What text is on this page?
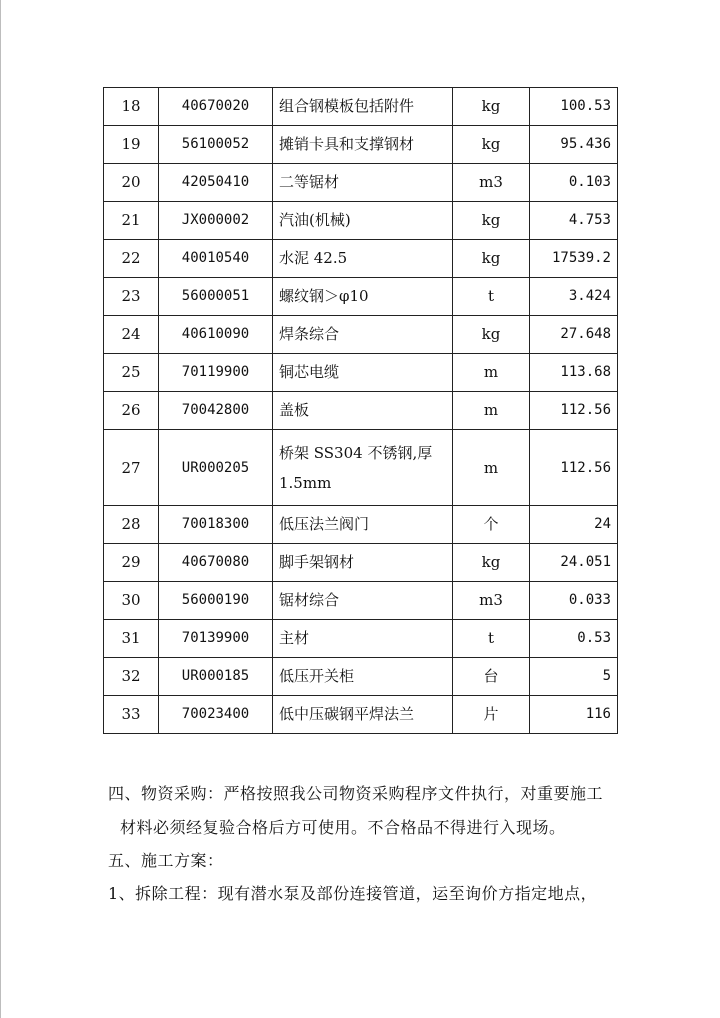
18	40670020	组合钢模板包括附件	kg	100.53
19	56100052	摊销卡具和支撑钢材	kg	95.436
20	42050410	二等锯材	m3	0.103
21	JX000002	汽油(机械)	kg	4.753
22	40010540	水泥 42.5	kg	17539.2
23	56000051	螺纹钢＞φ10	t	3.424
24	40610090	焊条综合	kg	27.648
25	70119900	铜芯电缆	m	113.68
26	70042800	盖板	m	112.56
27	UR000205	桥架 SS304 不锈钢,厚 1.5mm	m	112.56
28	70018300	低压法兰阀门	个	24
29	40670080	脚手架钢材	kg	24.051
30	56000190	锯材综合	m3	0.033
31	70139900	主材	t	0.53
32	UR000185	低压开关柜	台	5
33	70023400	低中压碳钢平焊法兰	片	116
四、物资采购：严格按照我公司物资采购程序文件执行，对重要施工
材料必须经复验合格后方可使用。不合格品不得进行入现场。
五、施工方案：
1、拆除工程：现有潜水泵及部份连接管道，运至询价方指定地点，
